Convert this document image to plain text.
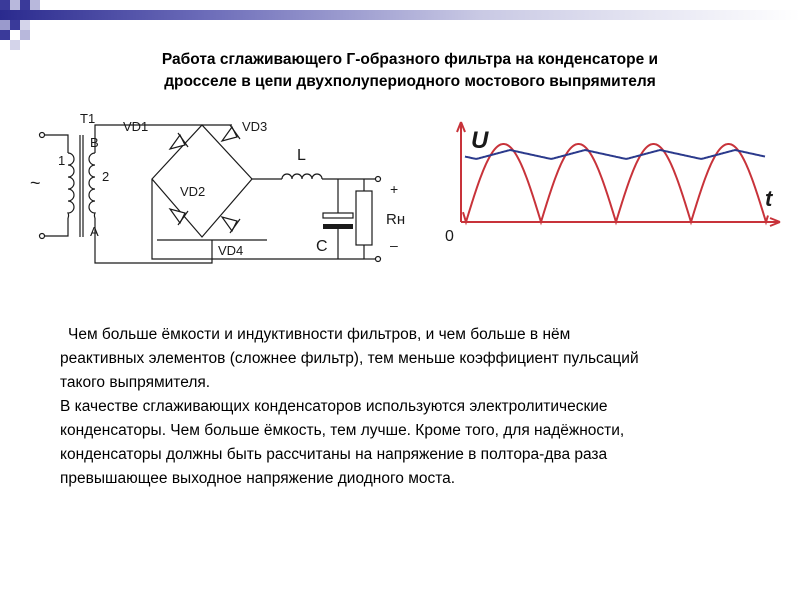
Работа сглаживающего Г-образного фильтра на конденсаторе и
дросселе в цепи двухполупериодного мостового выпрямителя
T1
1
2
B
A
~
VD1
VD2
VD3
VD4
L
C
Rн
+
–
U
t
0

Чем больше ёмкости и индуктивности фильтров, и чем больше в нём
реактивных элементов (сложнее фильтр), тем меньше коэффициент пульсаций
такого выпрямителя.

В качестве сглаживающих конденсаторов используются электролитические
конденсаторы. Чем больше ёмкость, тем лучше. Кроме того, для надёжности,
конденсаторы должны быть рассчитаны на напряжение в полтора-два раза
превышающее выходное напряжение диодного моста.
